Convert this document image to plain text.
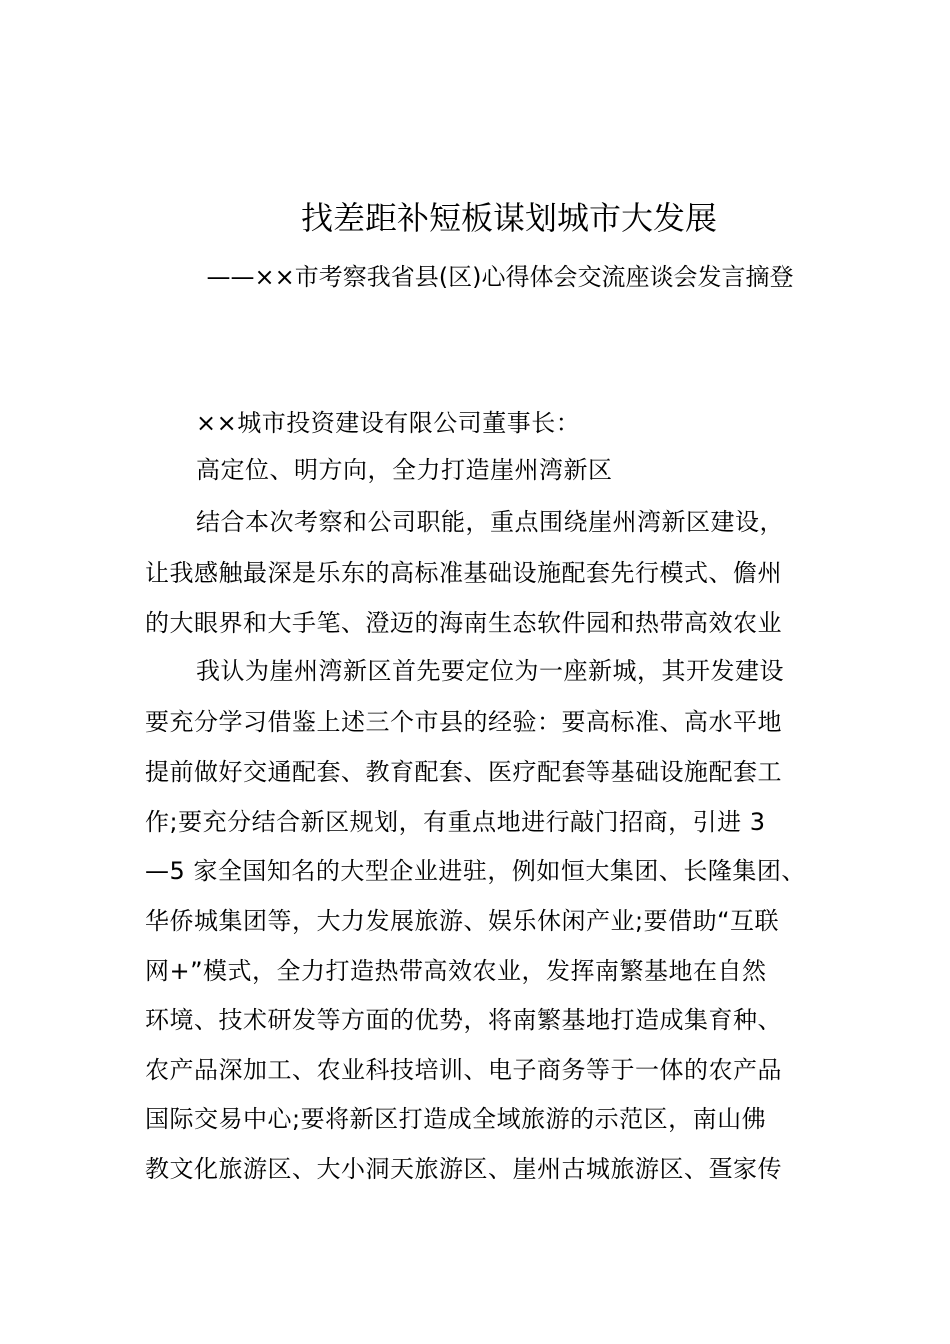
找差距补短板谋划城市大发展
——××市考察我省县(区)心得体会交流座谈会发言摘登
××城市投资建设有限公司董事长：
高定位、明方向，全力打造崖州湾新区
结合本次考察和公司职能，重点围绕崖州湾新区建设，
让我感触最深是乐东的高标准基础设施配套先行模式、儋州
的大眼界和大手笔、澄迈的海南生态软件园和热带高效农业
我认为崖州湾新区首先要定位为一座新城，其开发建设
要充分学习借鉴上述三个市县的经验：要高标准、高水平地
提前做好交通配套、教育配套、医疗配套等基础设施配套工
作;要充分结合新区规划，有重点地进行敲门招商，引进 3
—5 家全国知名的大型企业进驻，例如恒大集团、长隆集团、
华侨城集团等，大力发展旅游、娱乐休闲产业;要借助“互联
网+”模式，全力打造热带高效农业，发挥南繁基地在自然
环境、技术研发等方面的优势，将南繁基地打造成集育种、
农产品深加工、农业科技培训、电子商务等于一体的农产品
国际交易中心;要将新区打造成全域旅游的示范区，南山佛
教文化旅游区、大小洞天旅游区、崖州古城旅游区、疍家传
